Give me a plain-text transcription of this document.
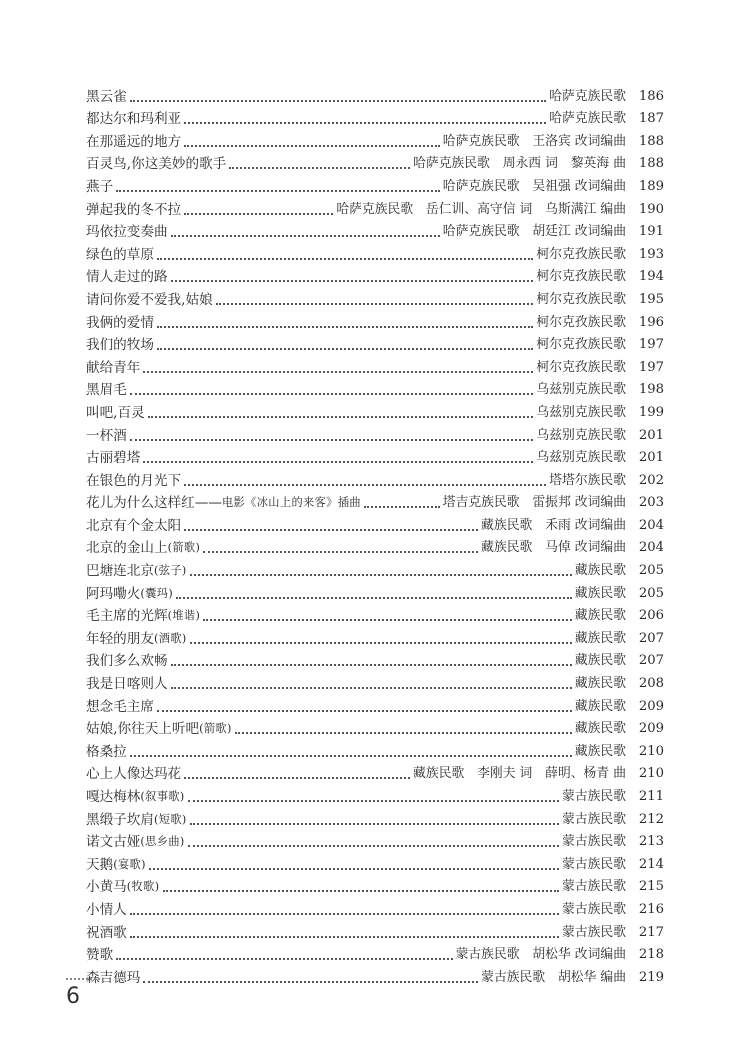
黑云雀	哈萨克族民歌 186
都达尔和玛利亚	哈萨克族民歌 187
在那遥远的地方	哈萨克族民歌　王洛宾 改词编曲 188
百灵鸟,你这美妙的歌手	哈萨克族民歌　周永西 词　黎英海 曲 188
燕子	哈萨克族民歌　吴祖强 改词编曲 189
弹起我的冬不拉	哈萨克族民歌　岳仁训、高守信 词　乌斯满江 编曲 190
玛依拉变奏曲	哈萨克族民歌　胡廷江 改词编曲 191
绿色的草原	柯尔克孜族民歌 193
情人走过的路	柯尔克孜族民歌 194
请问你爱不爱我,姑娘	柯尔克孜族民歌 195
我俩的爱情	柯尔克孜族民歌 196
我们的牧场	柯尔克孜族民歌 197
献给青年	柯尔克孜族民歌 197
黑眉毛	乌兹别克族民歌 198
叫吧,百灵	乌兹别克族民歌 199
一杯酒	乌兹别克族民歌 201
古丽碧塔	乌兹别克族民歌 201
在银色的月光下	塔塔尔族民歌 202
花儿为什么这样红—— 电影《冰山上的来客》插曲	塔吉克族民歌　雷振邦 改词编曲 203
北京有个金太阳	藏族民歌　禾雨 改词编曲 204
北京的金山上 (箭歌)	藏族民歌　马倬 改词编曲 204
巴塘连北京 (弦子)	藏族民歌 205
阿玛嘞火 (囊玛)	藏族民歌 205
毛主席的光辉 (堆谐)	藏族民歌 206
年轻的朋友 (酒歌)	藏族民歌 207
我们多么欢畅	藏族民歌 207
我是日喀则人	藏族民歌 208
想念毛主席	藏族民歌 209
姑娘,你往天上听吧 (箭歌)	藏族民歌 209
格桑拉	藏族民歌 210
心上人像达玛花	藏族民歌　李刚夫 词　薛明、杨青 曲 210
嘎达梅林 (叙事歌)	蒙古族民歌 211
黑缎子坎肩 (短歌)	蒙古族民歌 212
诺文古娅 (思乡曲)	蒙古族民歌 213
天鹅 (宴歌)	蒙古族民歌 214
小黄马 (牧歌)	蒙古族民歌 215
小情人	蒙古族民歌 216
祝酒歌	蒙古族民歌 217
赞歌	蒙古族民歌　胡松华 改词编曲 218
森吉德玛	蒙古族民歌　胡松华 编曲 219
6
